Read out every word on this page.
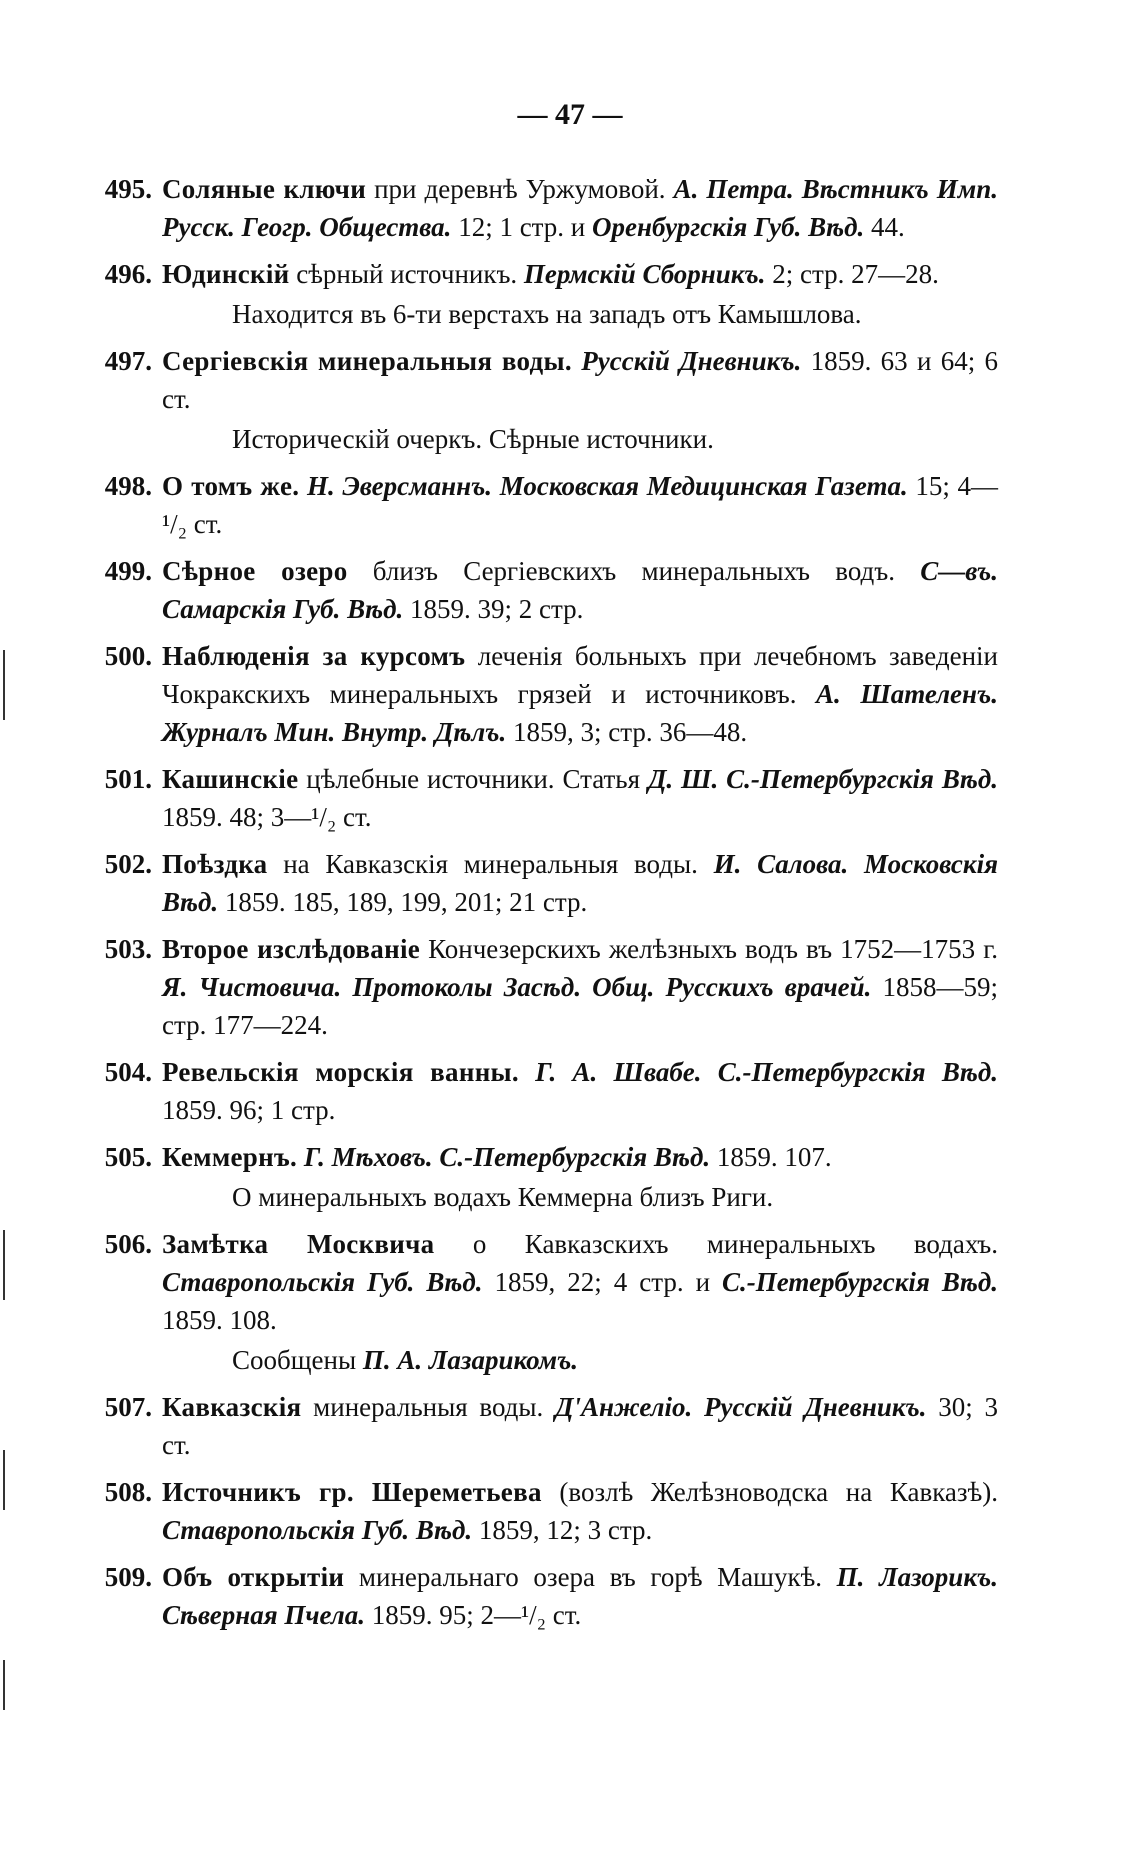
— 47 —
495. Соляные ключи при деревнѣ Уржумовой. А. Петра. Вѣстникъ Имп. Русск. Геогр. Общества. 12; 1 стр. и Оренбургскія Губ. Вѣд. 44.
496. Юдинскій сѣрный источникъ. Пермскій Сборникъ. 2; стр. 27—28.
Находится въ 6-ти верстахъ на западъ отъ Камышлова.
497. Сергіевскія минеральныя воды. Русскій Дневникъ. 1859. 63 и 64; 6 ст.
Историческій очеркъ. Сѣрные источники.
498. О томъ же. Н. Эверсманнъ. Московская Медицинская Газета. 15; 4—¹/₂ ст.
499. Сѣрное озеро близъ Сергіевскихъ минеральныхъ водъ. С—въ. Самарскія Губ. Вѣд. 1859. 39; 2 стр.
500. Наблюденія за курсомъ леченія больныхъ при лечебномъ заведеніи Чокракскихъ минеральныхъ грязей и источниковъ. А. Шателенъ. Журналъ Мин. Внутр. Дѣлъ. 1859, 3; стр. 36—48.
501. Кашинскіе цѣлебные источники. Статья Д. Ш. С.-Петербургскія Вѣд. 1859. 48; 3—¹/₂ ст.
502. Поѣздка на Кавказскія минеральныя воды. И. Салова. Московскія Вѣд. 1859. 185, 189, 199, 201; 21 стр.
503. Второе изслѣдованіе Кончезерскихъ желѣзныхъ водъ въ 1752—1753 г. Я. Чистовича. Протоколы Засѣд. Общ. Русскихъ врачей. 1858—59; стр. 177—224.
504. Ревельскія морскія ванны. Г. А. Швабе. С.-Петербургскія Вѣд. 1859. 96; 1 стр.
505. Кеммернъ. Г. Мѣховъ. С.-Петербургскія Вѣд. 1859. 107.
О минеральныхъ водахъ Кеммерна близъ Риги.
506. Замѣтка Москвича о Кавказскихъ минеральныхъ водахъ. Ставропольскія Губ. Вѣд. 1859, 22; 4 стр. и С.-Петербургскія Вѣд. 1859. 108.
Сообщены П. А. Лазарикомъ.
507. Кавказскія минеральныя воды. Д'Анжеліо. Русскій Дневникъ. 30; 3 ст.
508. Источникъ гр. Шереметьева (возлѣ Желѣзноводска на Кавказѣ). Ставропольскія Губ. Вѣд. 1859, 12; 3 стр.
509. Объ открытіи минеральнаго озера въ горѣ Машукѣ. П. Лазорикъ. Сѣверная Пчела. 1859. 95; 2—¹/₂ ст.
